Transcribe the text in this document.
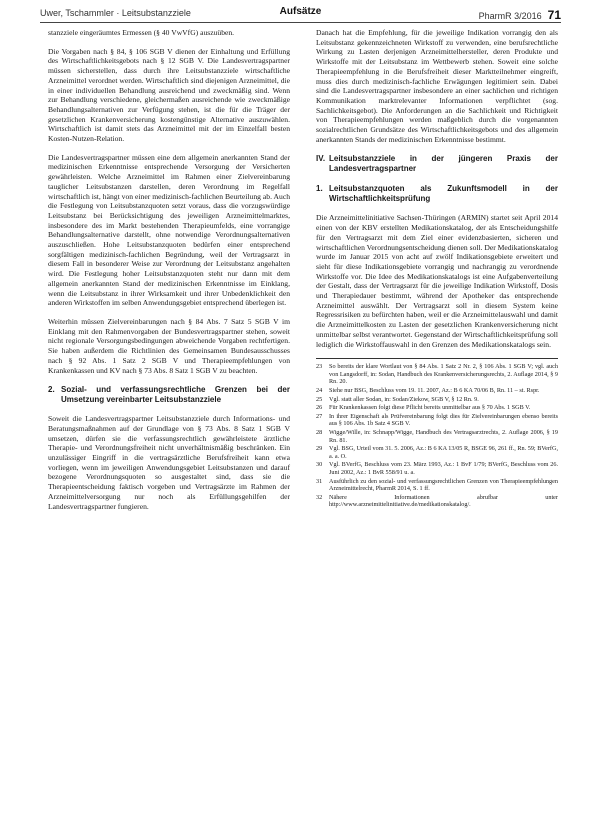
Uwer, Tschammler · Leitsubstanzziele	Aufsätze	PharmR 3/2016 71

stanzziele eingeräumtes Ermessen (§ 40 VwVfG) auszuüben.

Die Vorgaben nach § 84, § 106 SGB V dienen der Einhaltung und Erfüllung des Wirtschaftlichkeitsgebots nach § 12 SGB V. Die Landesvertragspartner müssen sicherstellen, dass durch ihre Leitsubstanzziele wirtschaftliche Arzneimittel verordnet werden. Wirtschaftlich sind diejenigen Arzneimittel, die in einer individuellen Behandlung ausreichend und zweckmäßig sind. Wenn zur Behandlung verschiedene, gleichermaßen ausreichende wie zweckmäßige Behandlungsalternativen zur Verfügung stehen, ist die für die Träger der gesetzlichen Krankenversicherung kostengünstige Alternative auszuwählen. Wirtschaftlich ist damit stets das Arzneimittel mit der im Einzelfall besten Kosten-Nutzen-Relation.

Die Landesvertragspartner müssen eine dem allgemein anerkannten Stand der medizinischen Erkenntnisse entsprechende Versorgung der Versicherten gewährleisten. Welche Arzneimittel im Rahmen einer Zielvereinbarung tauglicher Leitsubstanzen darstellen, deren Verordnung im Regelfall wirtschaftlich ist, hängt von einer medizinisch-fachlichen Beurteilung ab. Auch die Festlegung von Leitsubstanzquoten setzt voraus, dass die vorzugswürdige Leitsubstanz bei Berücksichtigung des jeweiligen Arzneimittelmarktes, insbesondere des im Markt bestehenden Therapieumfelds, eine vorrangige Behandlungsalternative darstellt, ohne notwendige Verordnungsalternativen auszuschließen. Hohe Leitsubstanzquoten bedürfen einer entsprechend sorgfältigen medizinisch-fachlichen Begründung, weil der Vertragsarzt in diesem Fall in besonderer Weise zur Verordnung der Leitsubstanz angehalten wird. Die Festlegung hoher Leitsubstanzquoten steht nur dann mit dem allgemein anerkannten Stand der medizinischen Erkenntnisse im Einklang, wenn die Leitsubstanz in ihrer Wirksamkeit und ihrer Unbedenklichkeit den anderen Wirkstoffen im selben Anwendungsgebiet entsprechend überlegen ist.

Weiterhin müssen Zielvereinbarungen nach § 84 Abs. 7 Satz 5 SGB V im Einklang mit den Rahmenvorgaben der Bundesvertragspartner stehen, soweit nicht regionale Versorgungsbedingungen abweichende Vorgaben rechtfertigen. Sie haben außerdem die Richtlinien des Gemeinsamen Bundesausschusses nach § 92 Abs. 1 Satz 2 SGB V und Therapieempfehlungen von Krankenkassen und KV nach § 73 Abs. 8 Satz 1 SGB V zu beachten.

2. Sozial- und verfassungsrechtliche Grenzen bei der Umsetzung vereinbarter Leitsubstanzziele

Soweit die Landesvertragspartner Leitsubstanzziele durch Informations- und Beratungsmaßnahmen auf der Grundlage von § 73 Abs. 8 Satz 1 SGB V umsetzen, dürfen sie die verfassungsrechtlich gewährleistete ärztliche Therapie- und Verordnungsfreiheit nicht unverhältnismäßig beschränken. Ein unzulässiger Eingriff in die vertragsärztliche Berufsfreiheit kann etwa vorliegen, wenn im jeweiligen Anwendungsgebiet Leitsubstanzen und darauf bezogene Verordnungsquoten so ausgestaltet sind, dass sie die Therapieentscheidung faktisch vorgeben und Vertragsärzte im Rahmen der Arzneimittelversorgung nur noch als Erfüllungsgehilfen der Landesvertragspartner fungieren.

Danach hat die Empfehlung, für die jeweilige Indikation vorrangig den als Leitsubstanz gekennzeichneten Wirkstoff zu verwenden, eine berufsrechtliche Wirkung zu Lasten derjenigen Arzneimittelhersteller, deren Produkte und Wirkstoffe mit der Leitsubstanz im Wettbewerb stehen. Soweit eine solche Therapieempfehlung in die Berufsfreiheit dieser Marktteilnehmer eingreift, muss dies durch medizinisch-fachliche Erwägungen legitimiert sein. Dabei sind die Landesvertragspartner insbesondere an einer sachlichen und richtigen Kommunikation marktrelevanter Informationen verpflichtet (sog. Sachlichkeitsgebot). Die Anforderungen an die Sachlichkeit und Richtigkeit von Therapieempfehlungen werden maßgeblich durch die vorgenannten sozialrechtlichen Grundsätze des Wirtschaftlichkeitsgebots und des allgemein anerkannten Stands der medizinischen Erkenntnisse bestimmt.

IV. Leitsubstanzziele in der jüngeren Praxis der Landesvertragspartner
1. Leitsubstanzquoten als Zukunftsmodell in der Wirtschaftlichkeitsprüfung

Die Arzneimittelinitiative Sachsen-Thüringen (ARMIN) startet seit April 2014 einen von der KBV erstellten Medikationskatalog, der als Entscheidungshilfe für den Vertragsarzt mit dem Ziel einer evidenzbasierten, sicheren und wirtschaftlichen Verordnungsentscheidung dienen soll. Der Medikationskatalog wurde im Januar 2015 von acht auf zwölf Indikationsgebiete erweitert und sieht für diese Indikationsgebiete vorrangig und nachrangig zu verordnende Wirkstoffe vor. Die Idee des Medikationskatalogs ist eine Aufgabenverteilung der Gestalt, dass der Vertragsarzt für die jeweilige Indikation Wirkstoff, Dosis und Therapiedauer bestimmt, während der Apotheker das entsprechende Arzneimittel auswählt. Der Vertragsarzt soll in diesem System keine Regressrisiken zu befürchten haben, weil er die Arzneimittelauswahl und damit die Arzneimittelkosten zu Lasten der gesetzlichen Krankenversicherung nicht unmittelbar selbst verantwortet. Gegenstand der Wirtschaftlichkeitsprüfung soll lediglich die Wirkstoffauswahl in den Grenzen des Medikationskatalogs sein.

23	So bereits der klare Wortlaut von § 84 Abs. 1 Satz 2 Nr. 2, § 106 Abs. 1 SGB V; vgl. auch von Langsdorff, in: Sodan, Handbuch des Krankenversicherungsrechts, 2. Auflage 2014, § 9 Rn. 20.
24	Siehe nur BSG, Beschluss vom 19. 11. 2007, Az.: B 6 KA 70/06 B, Rn. 11 – st. Rspr.
25	Vgl. statt aller Sodan, in: Sodan/Ziekow, SGB V, § 12 Rn. 9.
26	Für Krankenkassen folgt diese Pflicht bereits unmittelbar aus § 70 Abs. 1 SGB V.
27	In ihrer Eigenschaft als Prüfvereinbarung folgt dies für Zielvereinbarungen ebenso bereits aus § 106 Abs. 1b Satz 4 SGB V.
28	Wigge/Wille, in: Schnapp/Wigge, Handbuch des Vertragsarztrechts, 2. Auflage 2006, § 19 Rn. 81.
29	Vgl. BSG, Urteil vom 31. 5. 2006, Az.: B 6 KA 13/05 R, BSGE 96, 261 ff., Rn. 59; BVerfG, a. a. O.
30	Vgl. BVerfG, Beschluss vom 23. März 1993, Az.: 1 BvF 1/79; BVerfG, Beschluss vom 26. Juni 2002, Az.: 1 BvR 558/91 u. a.
31	Ausführlich zu den sozial- und verfassungsrechtlichen Grenzen von Therapieempfehlungen Arzneimittelrecht, PharmR 2014, S. 1 ff.
32	Nähere Informationen abrufbar unter http://www.arzneimittelinitiative.de/medikationskatalog/.
